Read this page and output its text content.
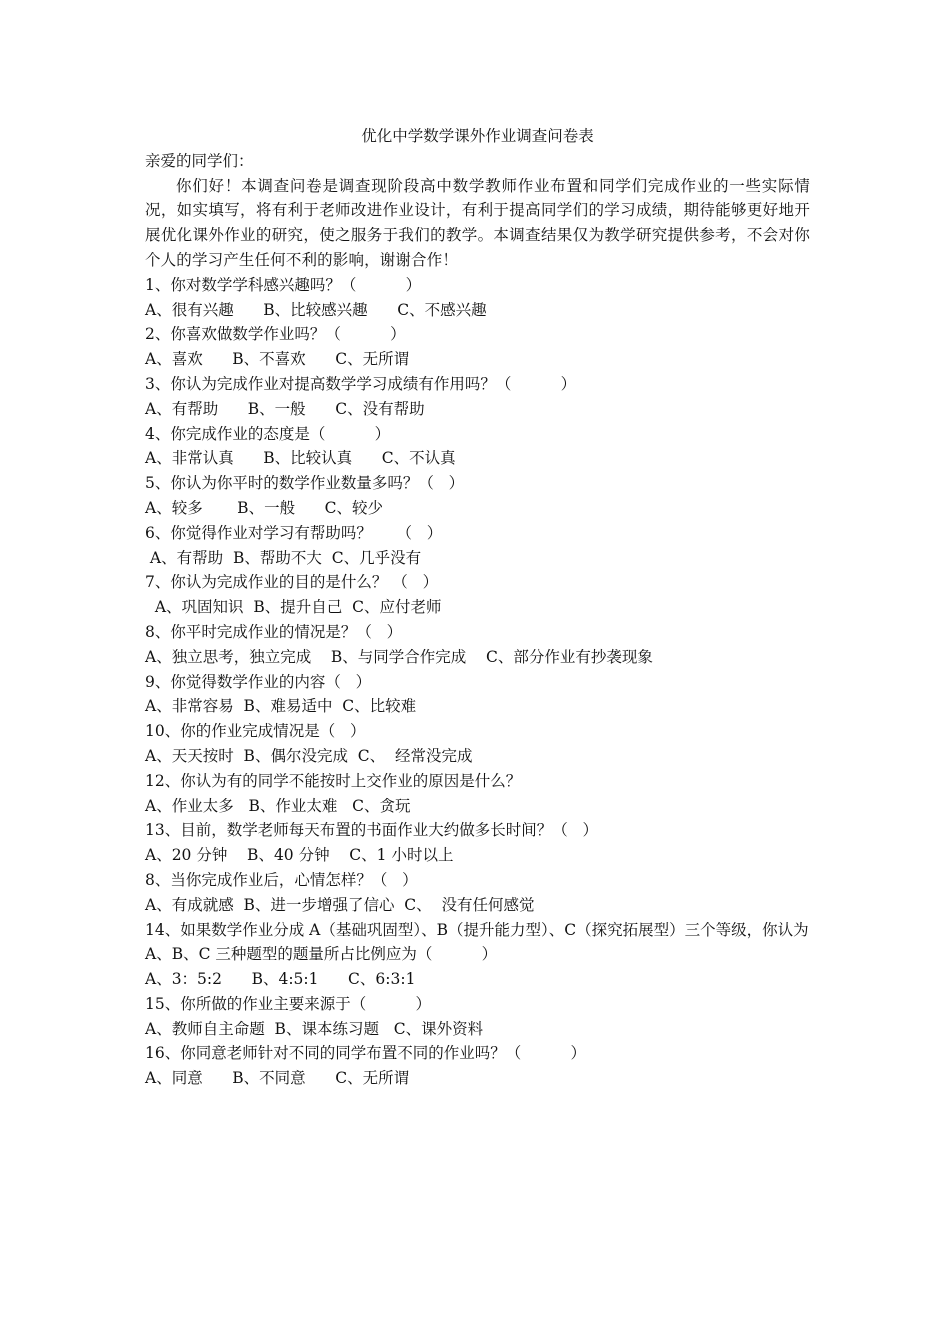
优化中学数学课外作业调查问卷表

亲爱的同学们：

你们好！本调查问卷是调查现阶段高中数学教师作业布置和同学们完成作业的一些实际情况，如实填写，将有利于老师改进作业设计，有利于提高同学们的学习成绩，期待能够更好地开展优化课外作业的研究，使之服务于我们的教学。本调查结果仅为教学研究提供参考，不会对你个人的学习产生任何不利的影响，谢谢合作！

1、你对数学学科感兴趣吗？（          ）

A、很有兴趣      B、比较感兴趣      C、不感兴趣

2、你喜欢做数学作业吗？（          ）

A、喜欢      B、不喜欢      C、无所谓

3、你认为完成作业对提高数学学习成绩有作用吗？（          ）

A、有帮助      B、一般      C、没有帮助

4、你完成作业的态度是（          ）

A、非常认真      B、比较认真      C、不认真

5、你认为你平时的数学作业数量多吗？（   ）

A、较多       B、一般      C、较少

6、你觉得作业对学习有帮助吗？     （   ）

A、有帮助  B、帮助不大  C、几乎没有

7、你认为完成作业的目的是什么？ （   ）

A、巩固知识  B、提升自己  C、应付老师

8、你平时完成作业的情况是？（   ）

A、独立思考，独立完成    B、与同学合作完成    C、部分作业有抄袭现象

9、你觉得数学作业的内容（   ）

A、非常容易  B、难易适中  C、比较难

10、你的作业完成情况是（   ）

A、天天按时  B、偶尔没完成  C、  经常没完成

12、你认为有的同学不能按时上交作业的原因是什么？

A、作业太多   B、作业太难   C、贪玩

13、目前，数学老师每天布置的书面作业大约做多长时间？（   ）

A、20 分钟    B、40 分钟    C、1 小时以上

8、当你完成作业后，心情怎样？（   ）

A、有成就感  B、进一步增强了信心  C、  没有任何感觉

14、如果数学作业分成 A（基础巩固型）、B（提升能力型）、C（探究拓展型）三个等级，你认为

A、B、C 三种题型的题量所占比例应为（          ）

A、3：5:2      B、4:5:1      C、6:3:1

15、你所做的作业主要来源于（          ）

A、教师自主命题  B、课本练习题   C、课外资料

16、你同意老师针对不同的同学布置不同的作业吗？（          ）

A、同意      B、不同意      C、无所谓
